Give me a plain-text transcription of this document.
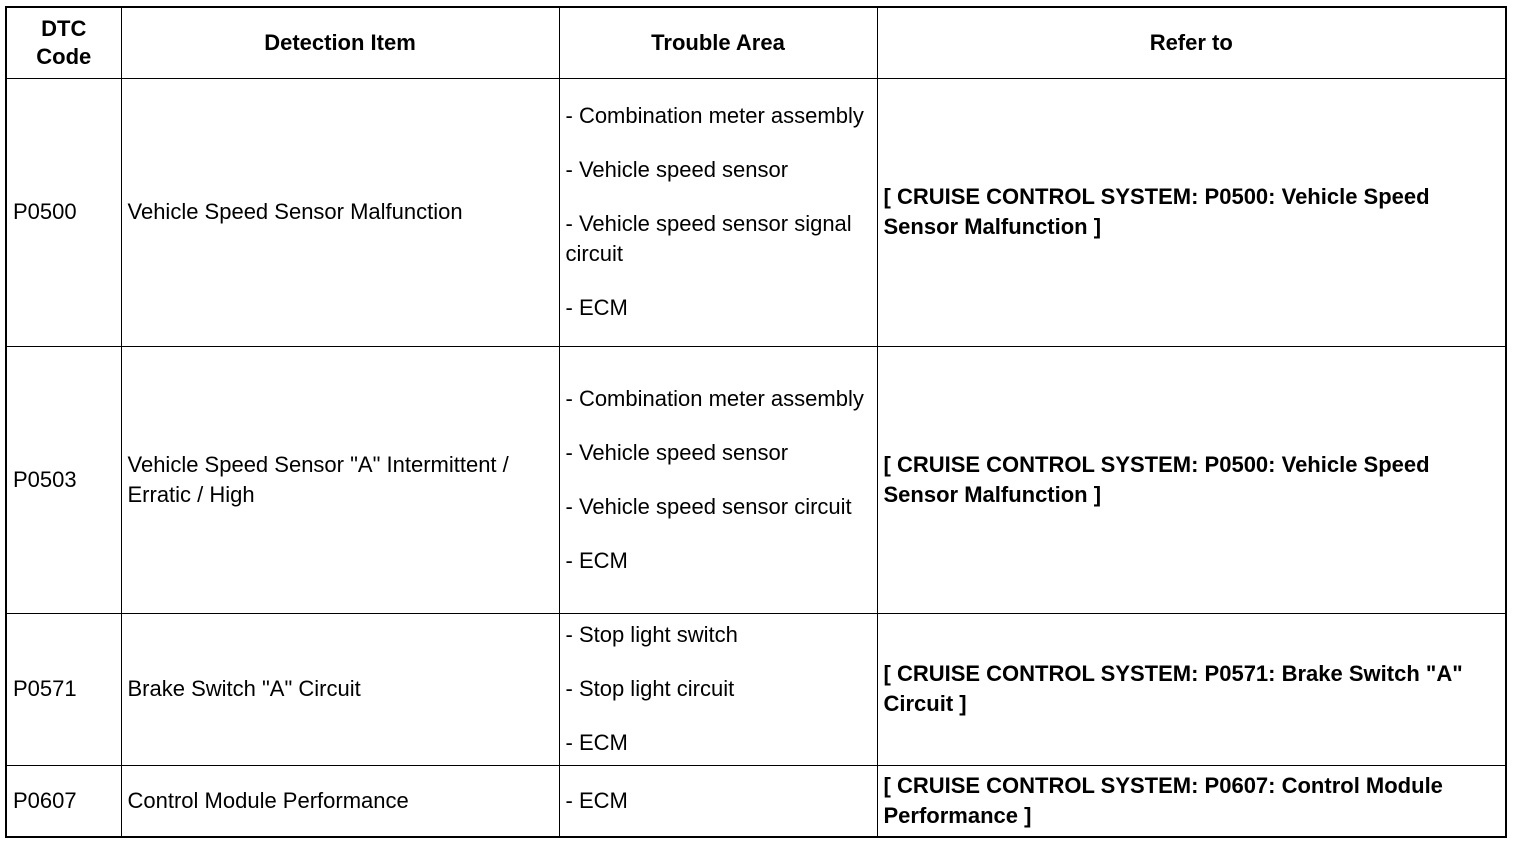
DTC
Code	Detection Item	Trouble Area	Refer to
P0500	Vehicle Speed Sensor Malfunction	- Combination meter assembly
- Vehicle speed sensor
- Vehicle speed sensor signal circuit
- ECM	[ CRUISE CONTROL SYSTEM: P0500: Vehicle Speed Sensor Malfunction ]
P0503	Vehicle Speed Sensor "A" Intermittent / Erratic / High	- Combination meter assembly
- Vehicle speed sensor
- Vehicle speed sensor circuit
- ECM	[ CRUISE CONTROL SYSTEM: P0500: Vehicle Speed Sensor Malfunction ]
P0571	Brake Switch "A" Circuit	- Stop light switch
- Stop light circuit
- ECM	[ CRUISE CONTROL SYSTEM: P0571: Brake Switch "A" Circuit ]
P0607	Control Module Performance	- ECM	[ CRUISE CONTROL SYSTEM: P0607: Control Module Performance ]
